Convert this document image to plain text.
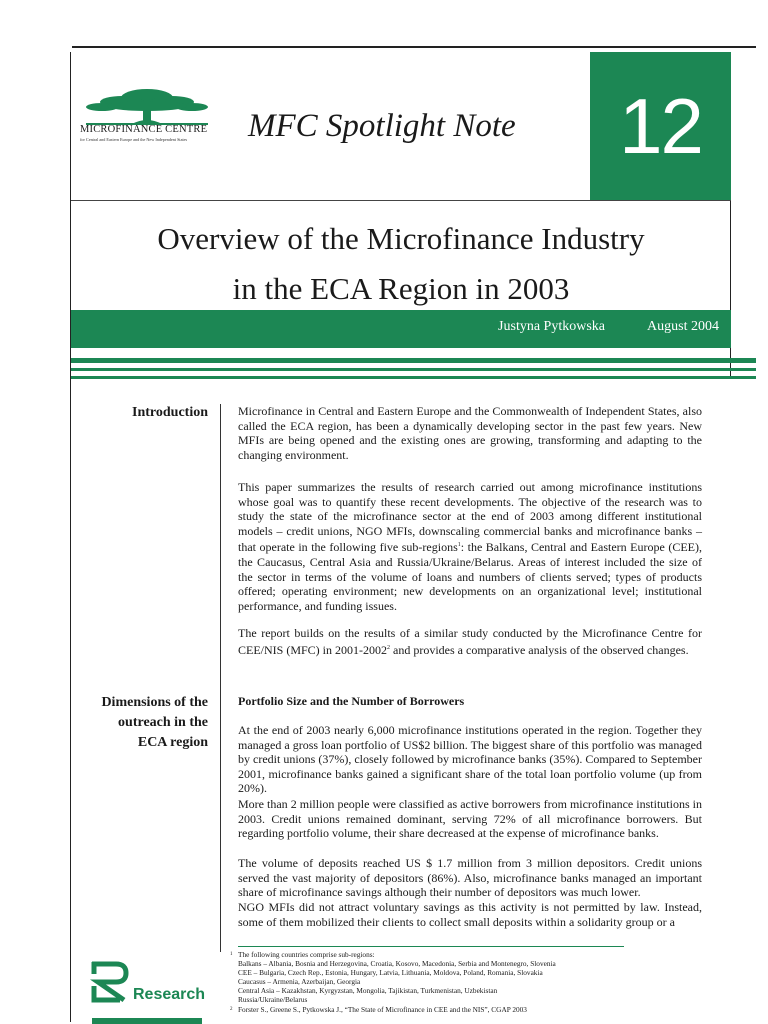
MICROFINANCE CENTRE
for Central and Eastern Europe and the New Independent States	MFC Spotlight Note 12
Overview of the Microfinance Industry
in the ECA Region in 2003
Justyna Pytkowska	August 2004
Introduction	Microfinance in Central and Eastern Europe and the Commonwealth of Independent States, also called the ECA region, has been a dynamically developing sector in the past few years. New MFIs are being opened and the existing ones are growing, transforming and adapting to the changing environment.
This paper summarizes the results of research carried out among microfinance institutions whose goal was to quantify these recent developments. The objective of the research was to study the state of the microfinance sector at the end of 2003 among different institutional models – credit unions, NGO MFIs, downscaling commercial banks and microfinance banks – that operate in the following five sub-regions$^1$: the Balkans, Central and Eastern Europe (CEE), the Caucasus, Central Asia and Russia/Ukraine/Belarus. Areas of interest included the size of the sector in terms of the volume of loans and numbers of clients served; types of products offered; operating environment; new developments on an organizational level; institutional performance, and funding issues.
The report builds on the results of a similar study conducted by the Microfinance Centre for CEE/NIS (MFC) in 2001-2002$^2$ and provides a comparative analysis of the observed changes.
Dimensions of the
outreach in the
ECA region
Portfolio Size and the Number of Borrowers
At the end of 2003 nearly 6,000 microfinance institutions operated in the region. Together they managed a gross loan portfolio of US$2 billion. The biggest share of this portfolio was managed by credit unions (37%), closely followed by microfinance banks (35%). Compared to September 2001, microfinance banks gained a significant share of the total loan portfolio volume (up from 20%).
More than 2 million people were classified as active borrowers from microfinance institutions in 2003. Credit unions remained dominant, serving 72% of all microfinance borrowers. But regarding portfolio volume, their share decreased at the expense of microfinance banks.
The volume of deposits reached US $ 1.7 million from 3 million depositors. Credit unions served the vast majority of depositors (86%). Also, microfinance banks managed an important share of microfinance savings although their number of depositors was much lower.
NGO MFIs did not attract voluntary savings as this activity is not permitted by law. Instead, some of them mobilized their clients to collect small deposits within a solidarity group or a
1 The following countries comprise sub-regions:
Balkans – Albania, Bosnia and Herzegovina, Croatia, Kosovo, Macedonia, Serbia and Montenegro, Slovenia
CEE – Bulgaria, Czech Rep., Estonia, Hungary, Latvia, Lithuania, Moldova, Poland, Romania, Slovakia
Caucasus – Armenia, Azerbaijan, Georgia
Central Asia – Kazakhstan, Kyrgyzstan, Mongolia, Tajikistan, Turkmenistan, Uzbekistan
Russia/Ukraine/Belarus
2 Forster S., Greene S., Pytkowska J., “The State of Microfinance in CEE and the NIS”, CGAP 2003
Research
